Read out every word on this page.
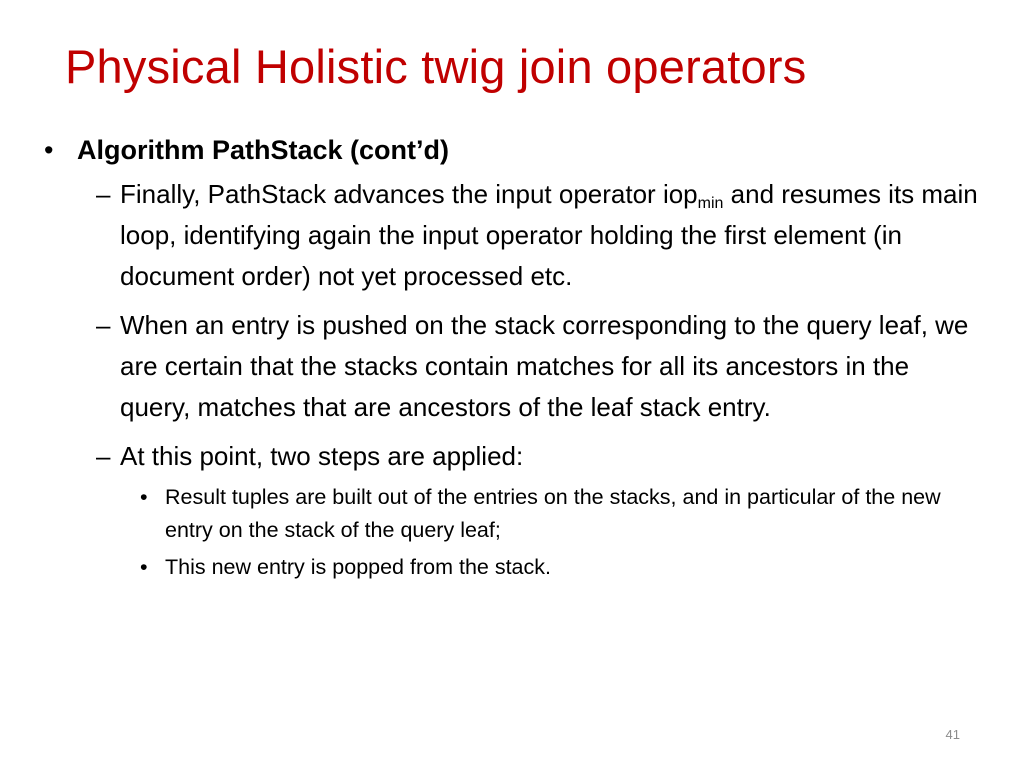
Physical Holistic twig join operators
• Algorithm PathStack (cont’d)
– Finally, PathStack advances the input operator iop$_{min}$ and resumes its main loop, identifying again the input operator holding the first element (in document order) not yet processed etc.
– When an entry is pushed on the stack corresponding to the query leaf, we are certain that the stacks contain matches for all its ancestors in the query, matches that are ancestors of the leaf stack entry.
– At this point, two steps are applied:
• Result tuples are built out of the entries on the stacks, and in particular of the new entry on the stack of the query leaf;
• This new entry is popped from the stack.
41
